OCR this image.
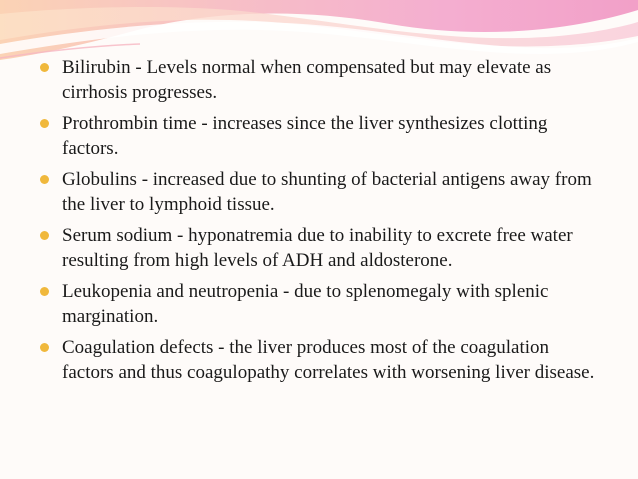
Bilirubin - Levels normal when compensated but may elevate as cirrhosis progresses.
Prothrombin time - increases since the liver synthesizes clotting factors.
Globulins - increased due to shunting of bacterial antigens away from the liver to lymphoid tissue.
Serum sodium - hyponatremia due to inability to excrete free water resulting from high levels of ADH and aldosterone.
Leukopenia and neutropenia - due to splenomegaly with splenic margination.
Coagulation defects - the liver produces most of the coagulation factors and thus coagulopathy correlates with worsening liver disease.
